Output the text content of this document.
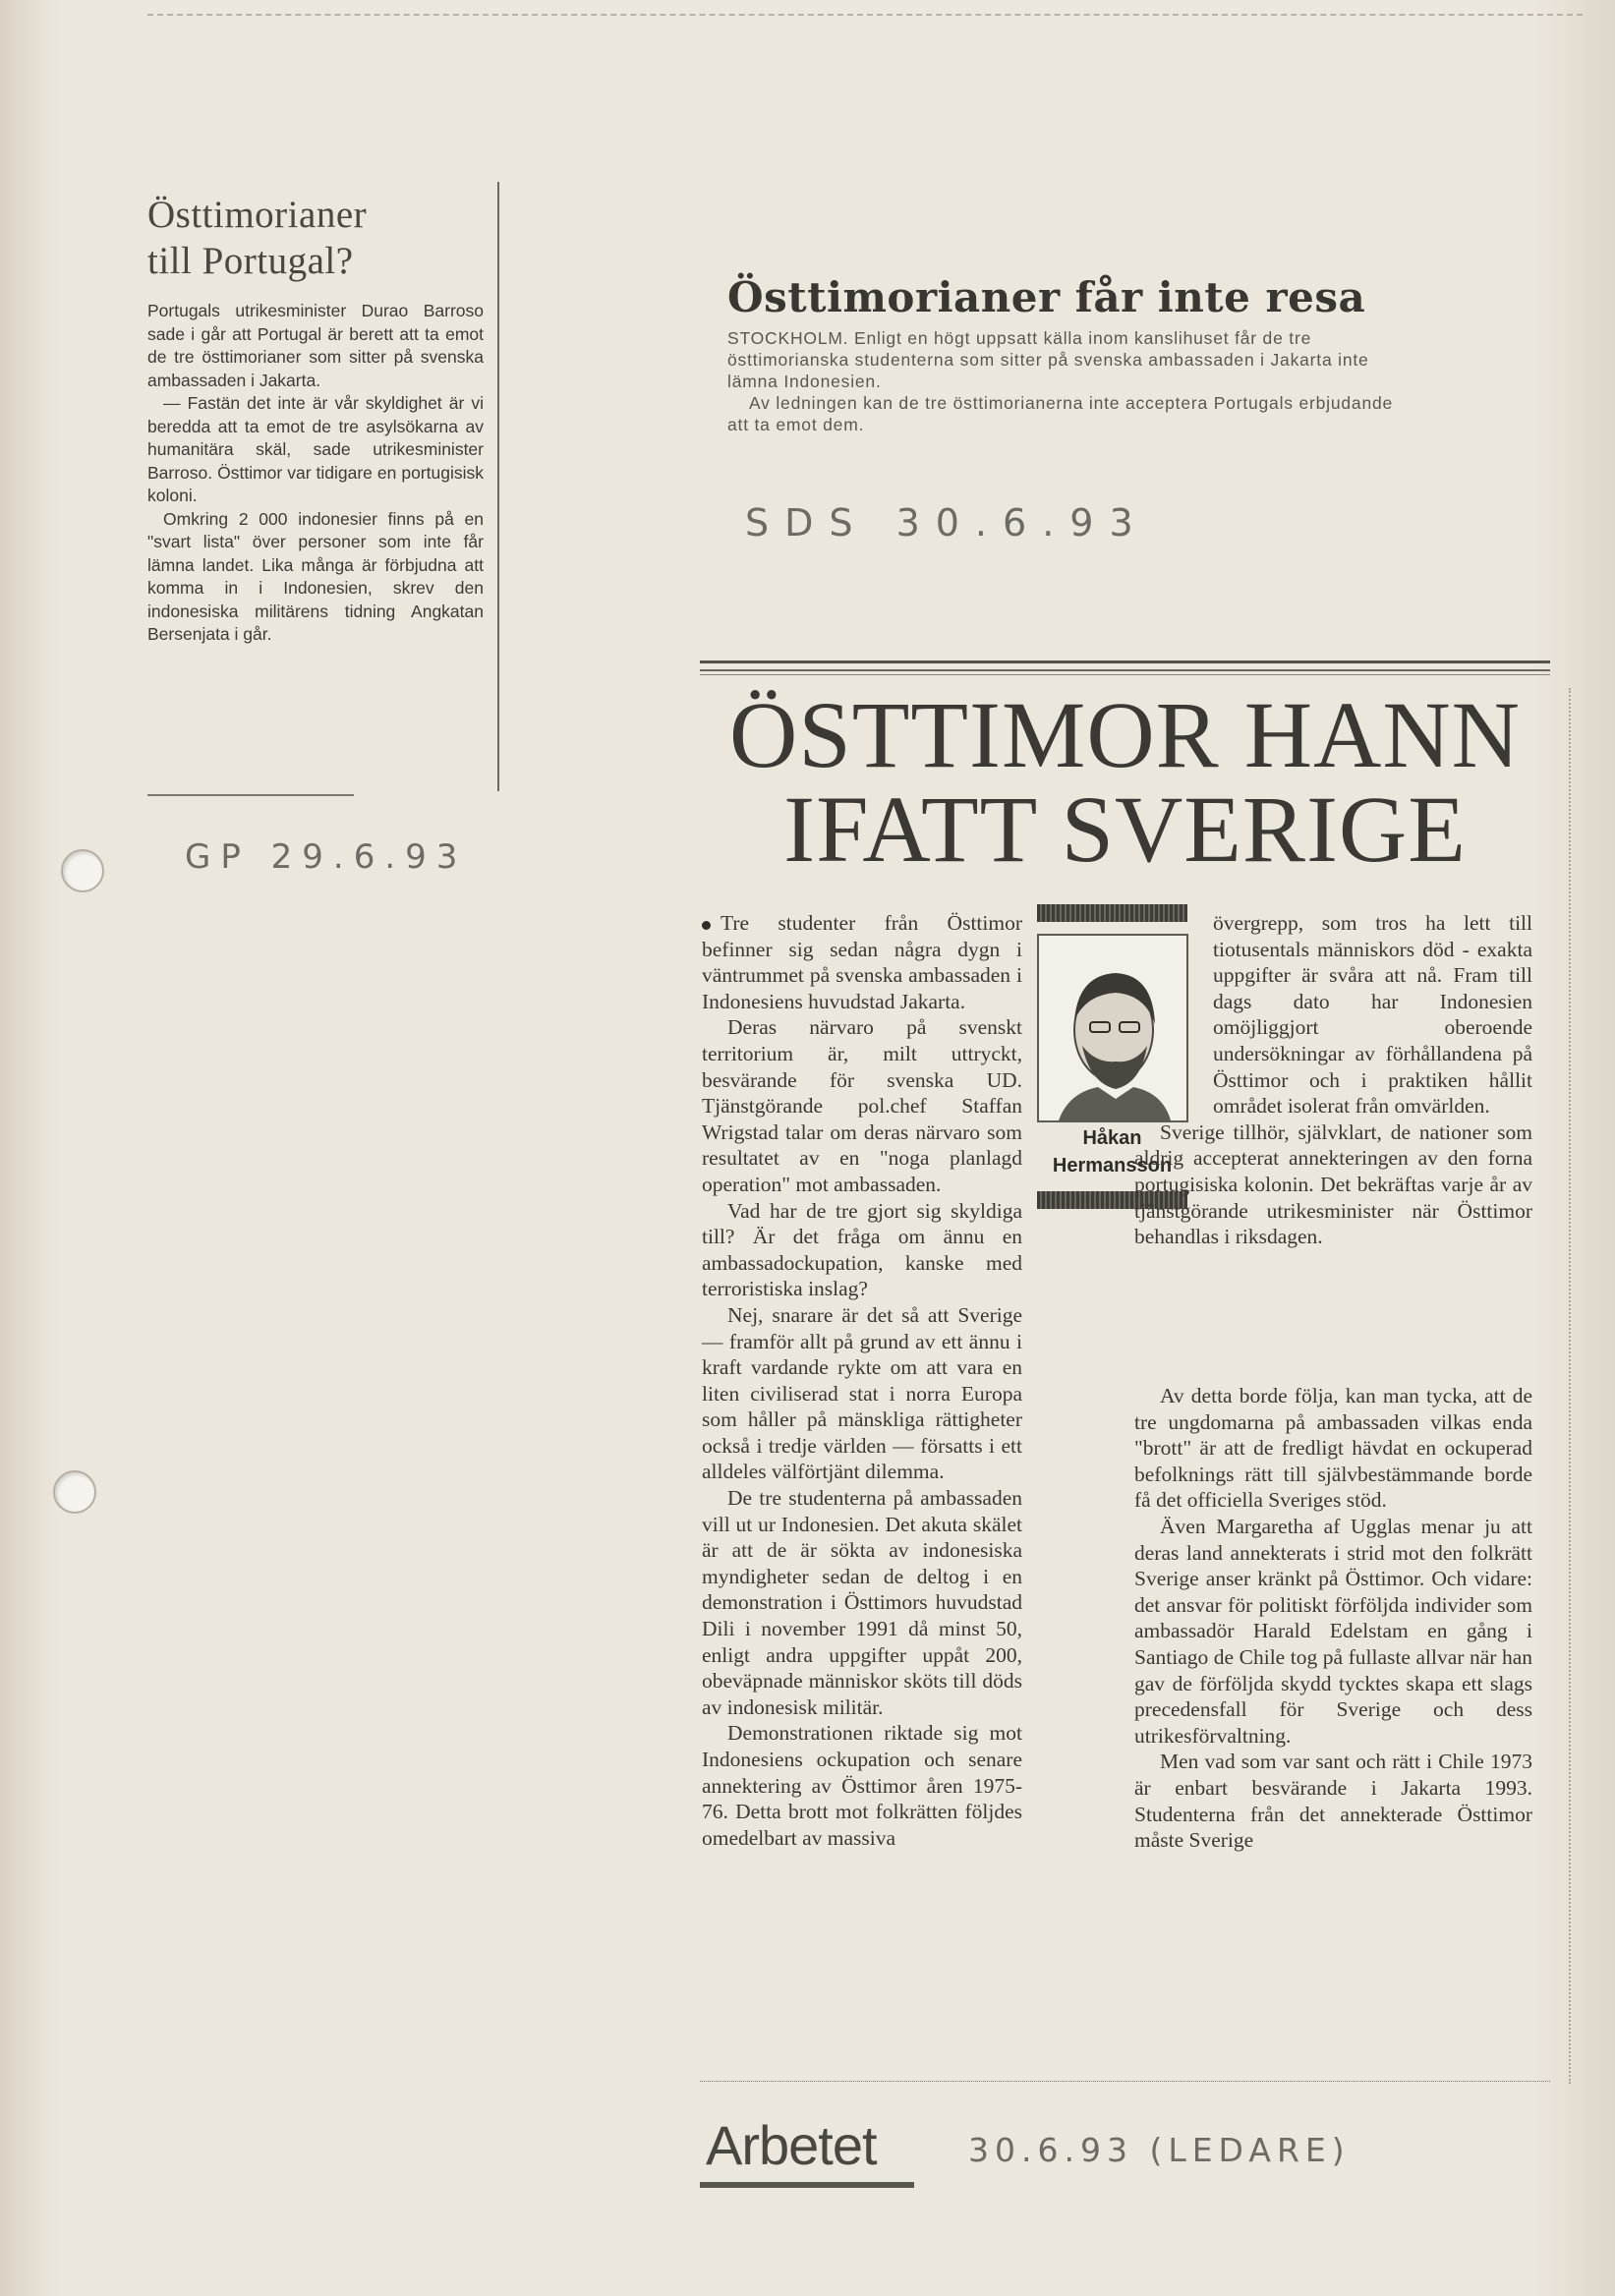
Östtimorianer
till Portugal?

Portugals utrikesminister Durao Barroso sade i går att Portugal är berett att ta emot de tre östtimorianer som sitter på svenska ambassaden i Jakarta.

— Fastän det inte är vår skyldighet är vi beredda att ta emot de tre asylsökarna av humanitära skäl, sade utrikesminister Barroso. Östtimor var tidigare en portugisisk koloni.

Omkring 2 000 indonesier finns på en "svart lista" över personer som inte får lämna landet. Lika många är förbjudna att komma in i Indonesien, skrev den indonesiska militärens tidning Angkatan Bersenjata i går.

GP 29.6.93
Östtimorianer får inte resa

STOCKHOLM. Enligt en högt uppsatt källa inom kanslihuset får de tre östtimorianska studenterna som sitter på svenska ambassaden i Jakarta inte lämna Indonesien.

Av ledningen kan de tre östtimorianerna inte acceptera Portugals erbjudande att ta emot dem.

SDS 30.6.93
ÖSTTIMOR HANN
IFATT SVERIGE

Tre studenter från Östtimor befinner sig sedan några dygn i väntrummet på svenska ambassaden i Indonesiens huvudstad Jakarta.

Deras närvaro på svenskt territorium är, milt uttryckt, besvärande för svenska UD. Tjänstgörande pol.chef Staffan Wrigstad talar om deras närvaro som resultatet av en "noga planlagd operation" mot ambassaden.

Vad har de tre gjort sig skyldiga till? Är det fråga om ännu en ambassadockupation, kanske med terroristiska inslag?

Nej, snarare är det så att Sverige — framför allt på grund av ett ännu i kraft vardande rykte om att vara en liten civiliserad stat i norra Europa som håller på mänskliga rättigheter också i tredje världen — försatts i ett alldeles välförtjänt dilemma.

De tre studenterna på ambassaden vill ut ur Indonesien. Det akuta skälet är att de är sökta av indonesiska myndigheter sedan de deltog i en demonstration i Östtimors huvudstad Dili i november 1991 då minst 50, enligt andra uppgifter uppåt 200, obeväpnade människor sköts till döds av indonesisk militär.

Demonstrationen riktade sig mot Indonesiens ockupation och senare annektering av Östtimor åren 1975-76. Detta brott mot folkrätten följdes omedelbart av massiva

Håkan
Hermansson

övergrepp, som tros ha lett till tiotusentals människors död - exakta uppgifter är svåra att nå. Fram till dags dato har Indonesien omöjliggjort oberoende undersökningar av förhållandena på Östtimor och i praktiken hållit området isolerat från omvärlden.

Sverige tillhör, självklart, de nationer som aldrig accepterat annekteringen av den forna portugisiska kolonin. Det bekräftas varje år av tjänstgörande utrikesminister när Östtimor behandlas i riksdagen.

Av detta borde följa, kan man tycka, att de tre ungdomarna på ambassaden vilkas enda "brott" är att de fredligt hävdat en ockuperad befolknings rätt till självbestämmande borde få det officiella Sveriges stöd.

Även Margaretha af Ugglas menar ju att deras land annekterats i strid mot den folkrätt Sverige anser kränkt på Östtimor. Och vidare: det ansvar för politiskt förföljda individer som ambassadör Harald Edelstam en gång i Santiago de Chile tog på fullaste allvar när han gav de förföljda skydd tycktes skapa ett slags precedensfall för Sverige och dess utrikesförvaltning.

Men vad som var sant och rätt i Chile 1973 är enbart besvärande i Jakarta 1993. Studenterna från det annekterade Östtimor måste Sverige

Arbetet	30.6.93 (LEDARE)
